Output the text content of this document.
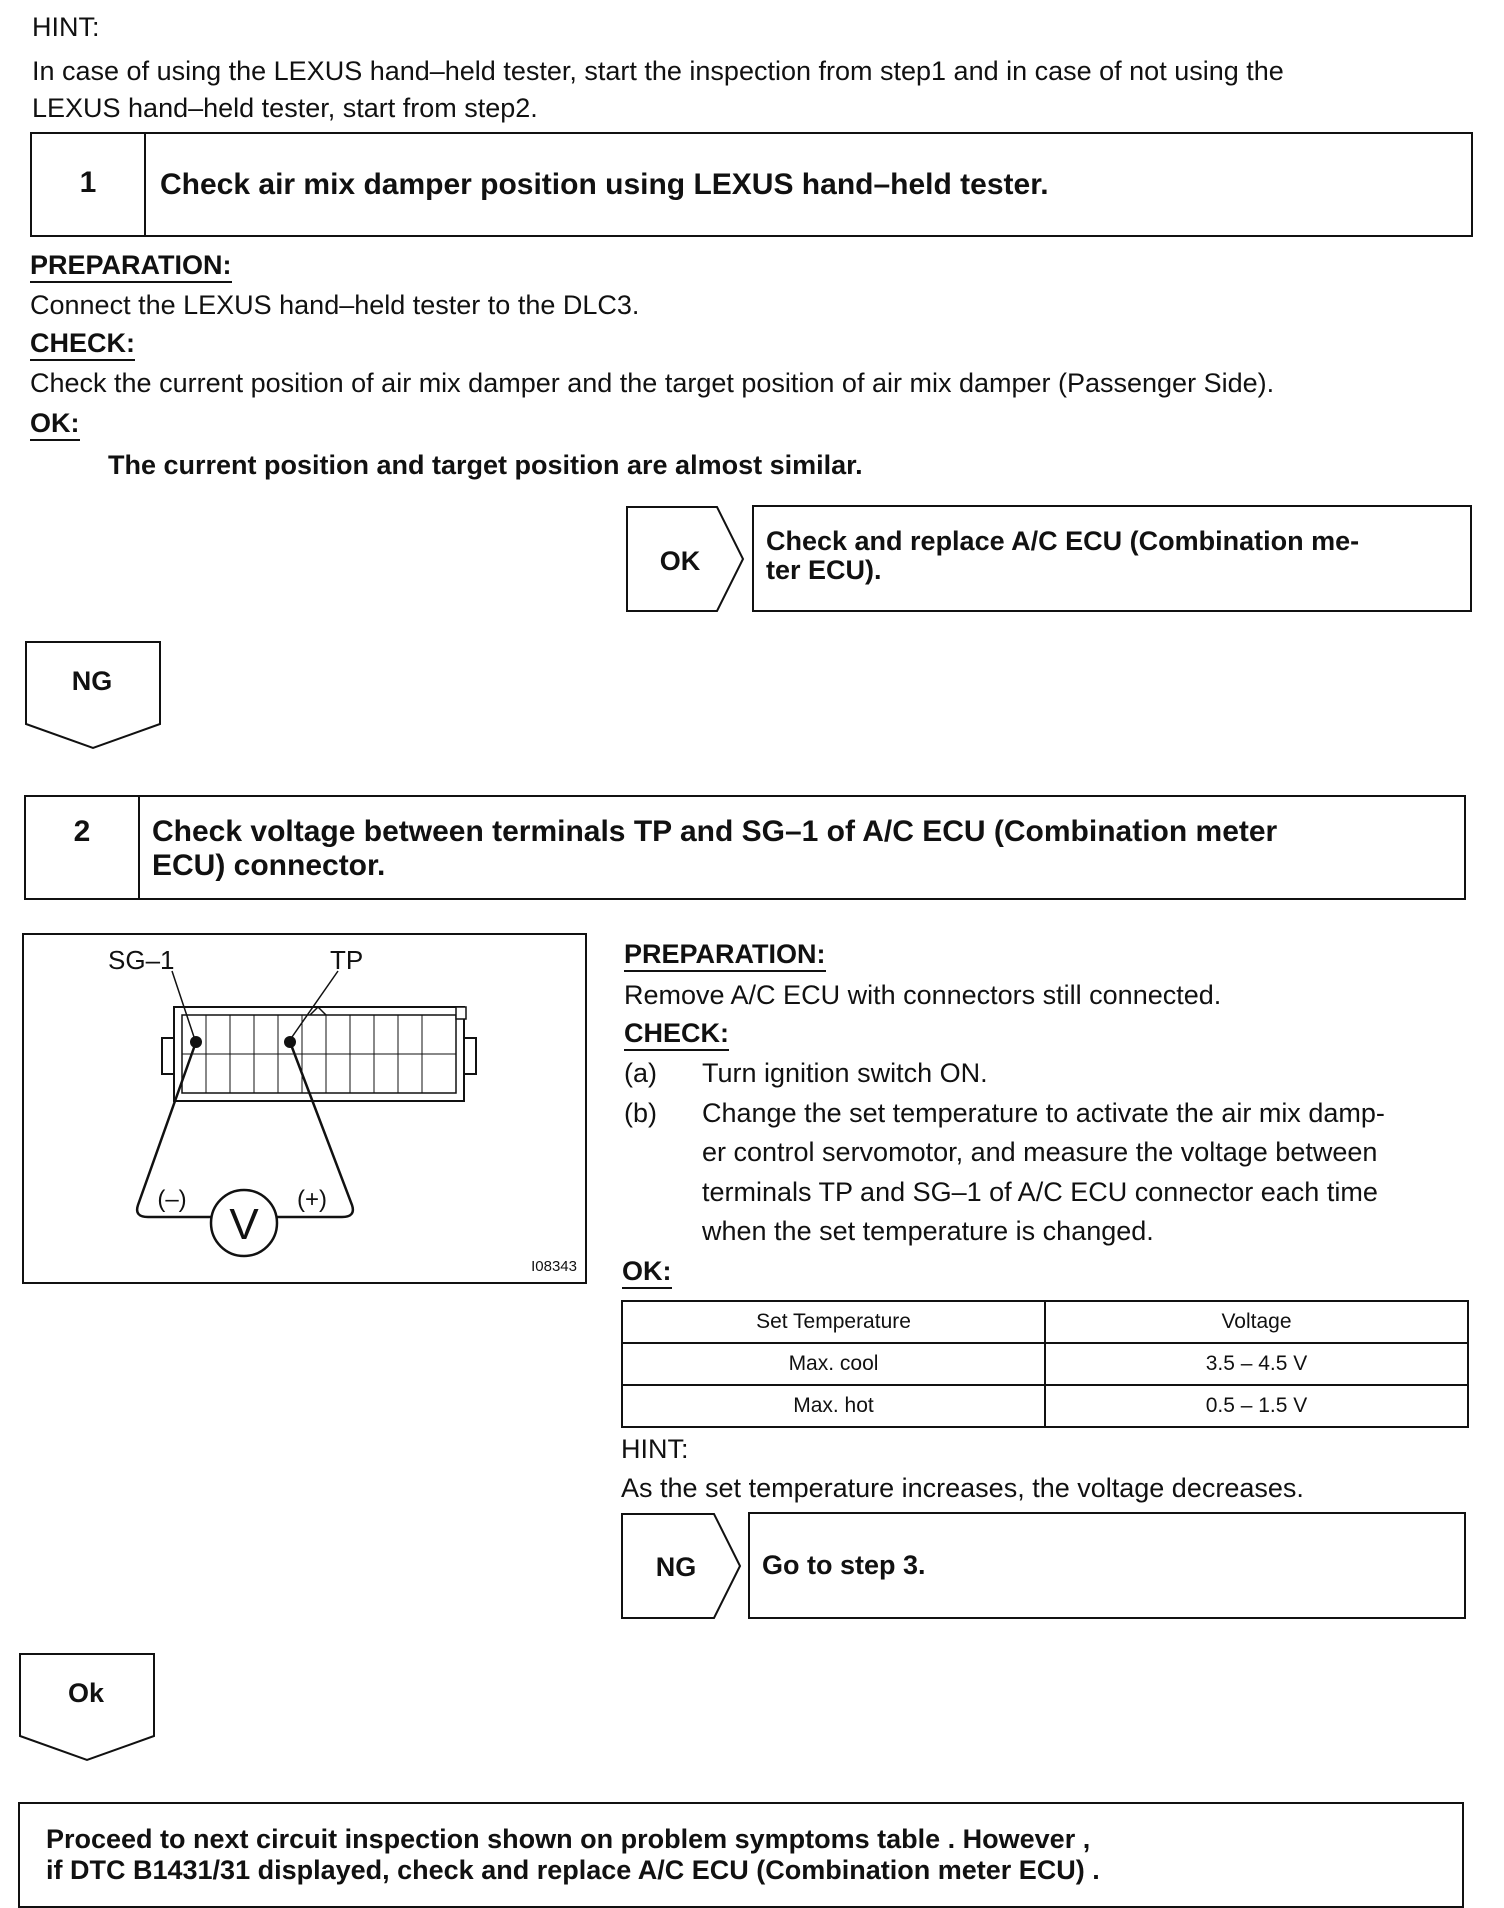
HINT:
In case of using the LEXUS hand–held tester, start the inspection from step1 and in case of not using the
LEXUS hand–held tester, start from step2.
1	Check air mix damper position using LEXUS hand–held tester.
PREPARATION:
Connect the LEXUS hand–held tester to the DLC3.
CHECK:
Check the current position of air mix damper and the target position of air mix damper (Passenger Side).
OK:
The current position and target position are almost similar.
OK
Check and replace A/C ECU (Combination me-
ter ECU).
NG
2	Check voltage between terminals TP and SG–1 of A/C ECU (Combination meter
ECU) connector.
SG–1	TP
V
(–)	(+)
I08343
PREPARATION:
Remove A/C ECU with connectors still connected.
CHECK:
(a) Turn ignition switch ON.
(b) Change the set temperature to activate the air mix damp-
er control servomotor, and measure the voltage between
terminals TP and SG–1 of A/C ECU connector each time
when the set temperature is changed.
OK:
Set Temperature	Voltage
Max. cool	3.5 – 4.5 V
Max. hot	0.5 – 1.5 V
HINT:
As the set temperature increases, the voltage decreases.
NG Go to step 3.
Ok
Proceed to next circuit inspection shown on problem symptoms table . However ,
if DTC B1431/31 displayed, check and replace A/C ECU (Combination meter ECU) .
